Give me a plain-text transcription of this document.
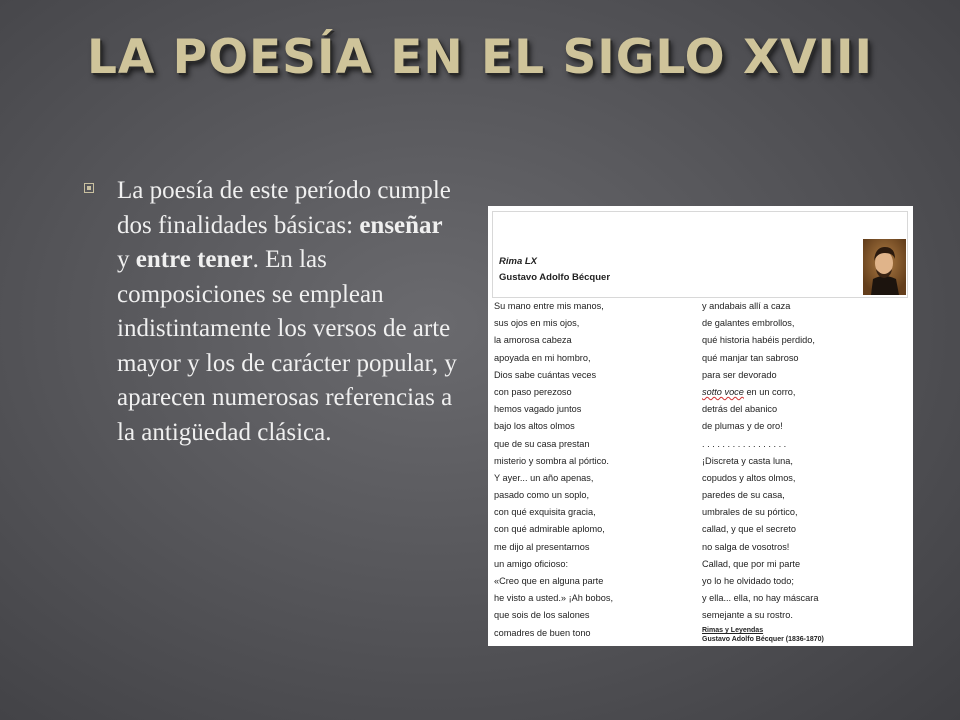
LA POESÍA EN EL SIGLO XVIII
La poesía de este período cumple dos finalidades básicas: enseñar y entre tener. En las composiciones se emplean indistintamente los versos de arte mayor y los de carácter popular, y aparecen numerosas referencias a la antigüedad clásica.
Rima LX
Gustavo Adolfo Bécquer
Su mano entre mis manos,
sus ojos en mis ojos,
la amorosa cabeza
apoyada en mi hombro,
Dios sabe cuántas veces
con paso perezoso
hemos vagado juntos
bajo los altos olmos
que de su casa prestan
misterio y sombra al pórtico.
Y ayer... un año apenas,
pasado como un soplo,
con qué exquisita gracia,
con qué admirable aplomo,
me dijo al presentarnos
un amigo oficioso:
«Creo que en alguna parte
he visto a usted.» ¡Ah bobos,
que sois de los salones
comadres de buen tono
y andabais allí a caza
de galantes embrollos,
qué historia habéis perdido,
qué manjar tan sabroso
para ser devorado
sotto voce en un corro,
detrás del abanico
de plumas y de oro!
. . . . . . . . . . . . . . . . .
¡Discreta y casta luna,
copudos y altos olmos,
paredes de su casa,
umbrales de su pórtico,
callad, y que el secreto
no salga de vosotros!
Callad, que por mi parte
yo lo he olvidado todo;
y ella... ella, no hay máscara
semejante a su rostro.
Rimas y Leyendas
Gustavo Adolfo Bécquer (1836-1870)
